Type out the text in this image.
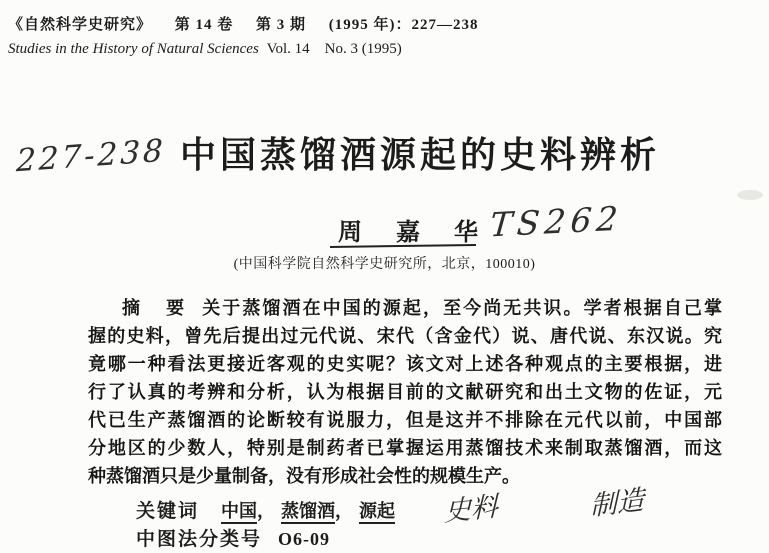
《自然科学史研究》 第 14 卷 第 3 期 (1995 年)：227—238
Studies in the History of Natural Sciences Vol. 14　No. 3 (1995)
227-238 中国蒸馏酒源起的史料辨析
周嘉华
TS262
(中国科学院自然科学史研究所，北京，100010)
摘　要 关于蒸馏酒在中国的源起，至今尚无共识。学者根据自己掌
握的史料，曾先后提出过元代说、宋代（含金代）说、唐代说、东汉说。究
竟哪一种看法更接近客观的史实呢？该文对上述各种观点的主要根据，进
行了认真的考辨和分析，认为根据目前的文献研究和出土文物的佐证，元
代已生产蒸馏酒的论断较有说服力，但是这并不排除在元代以前，中国部
分地区的少数人，特别是制药者已掌握运用蒸馏技术来制取蒸馏酒，而这
种蒸馏酒只是少量制备，没有形成社会性的规模生产。
关键词 中国， 蒸馏酒， 源起 史料	制造
中图法分类号 O6-09
